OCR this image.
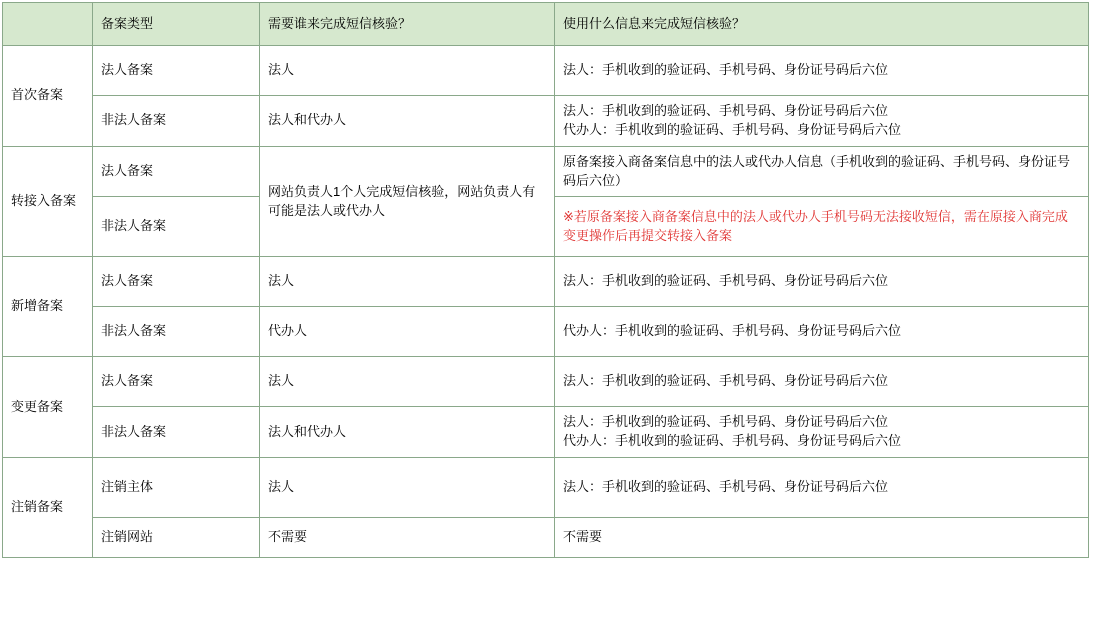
	备案类型	需要谁来完成短信核验？	使用什么信息来完成短信核验？
首次备案	法人备案	法人	法人：手机收到的验证码、手机号码、身份证号码后六位

	非法人备案	法人和代办人	法人：手机收到的验证码、手机号码、身份证号码后六位
代办人：手机收到的验证码、手机号码、身份证号码后六位

转接入备案	法人备案	网站负责人1个人完成短信核验，网站负责人有可能是法人或代办人	原备案接入商备案信息中的法人或代办人信息（手机收到的验证码、手机号码、身份证号码后六位）

	非法人备案		※若原备案接入商备案信息中的法人或代办人手机号码无法接收短信，需在原接入商完成变更操作后再提交转接入备案

新增备案	法人备案	法人	法人：手机收到的验证码、手机号码、身份证号码后六位

	非法人备案	代办人	代办人：手机收到的验证码、手机号码、身份证号码后六位

变更备案	法人备案	法人	法人：手机收到的验证码、手机号码、身份证号码后六位

	非法人备案	法人和代办人	法人：手机收到的验证码、手机号码、身份证号码后六位
代办人：手机收到的验证码、手机号码、身份证号码后六位

注销备案	注销主体	法人	法人：手机收到的验证码、手机号码、身份证号码后六位

	注销网站	不需要	不需要
